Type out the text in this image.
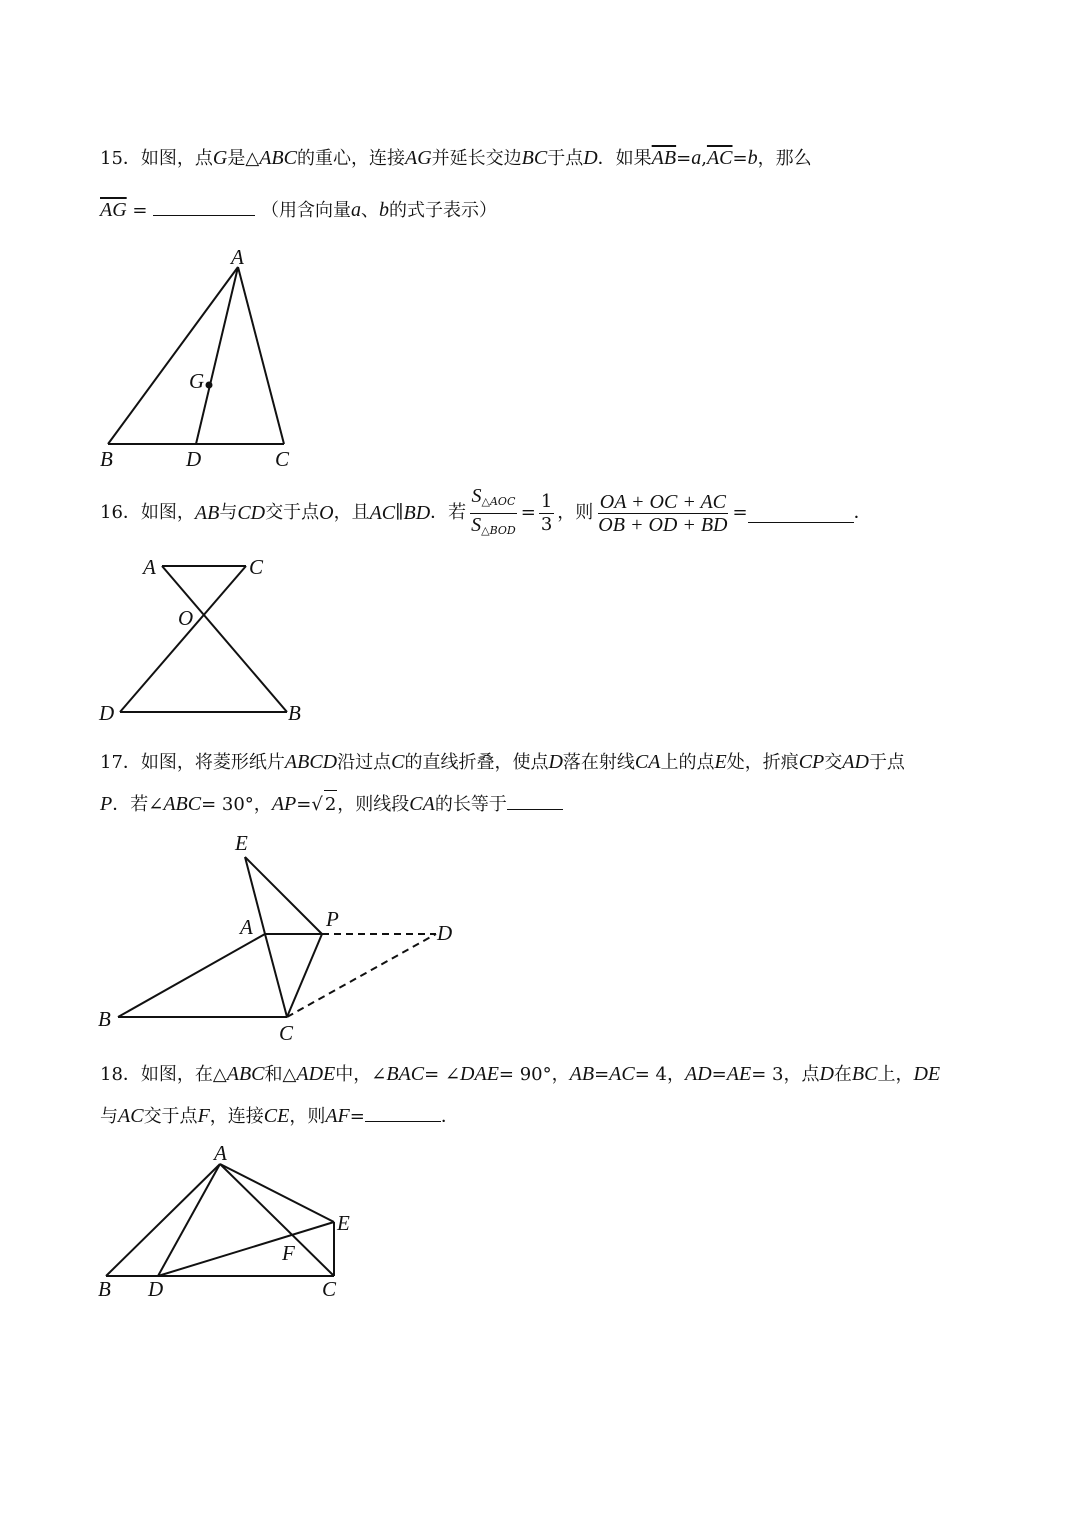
15．如图，点G是△ABC的重心，连接AG并延长交边BC于点D．如果$\overline{AB}=a,\overline{AC}=b$，那么
$\overline{AG}$ =	（用含向量a、b的式子表示）
A
G
B	D	C
16． 如图， AB 与 CD 交于点 O ，且 AC ∥ BD ．若 $\frac{S_{\triangle AOC}}{S_{\triangle BOD}} = \frac{1}{3}$ ，则 $\frac{OA + OC + AC}{OB + OD + BD}$ =	．
A	C
O
D	B
17．如图，将菱形纸片ABCD沿过点C的直线折叠，使点D落在射线CA上的点E处，折痕CP交AD于点
P．若∠ABC= 30°，AP=√ 2，则线段CA的长等于
E
A	P
D
B
C
18．如图，在△ABC和△ADE中，∠BAC= ∠DAE= 90°，AB=AC= 4，AD=AE= 3，点D在BC上，DE
与AC交于点F，连接CE，则AF=	．
A
E
F
B D	C
